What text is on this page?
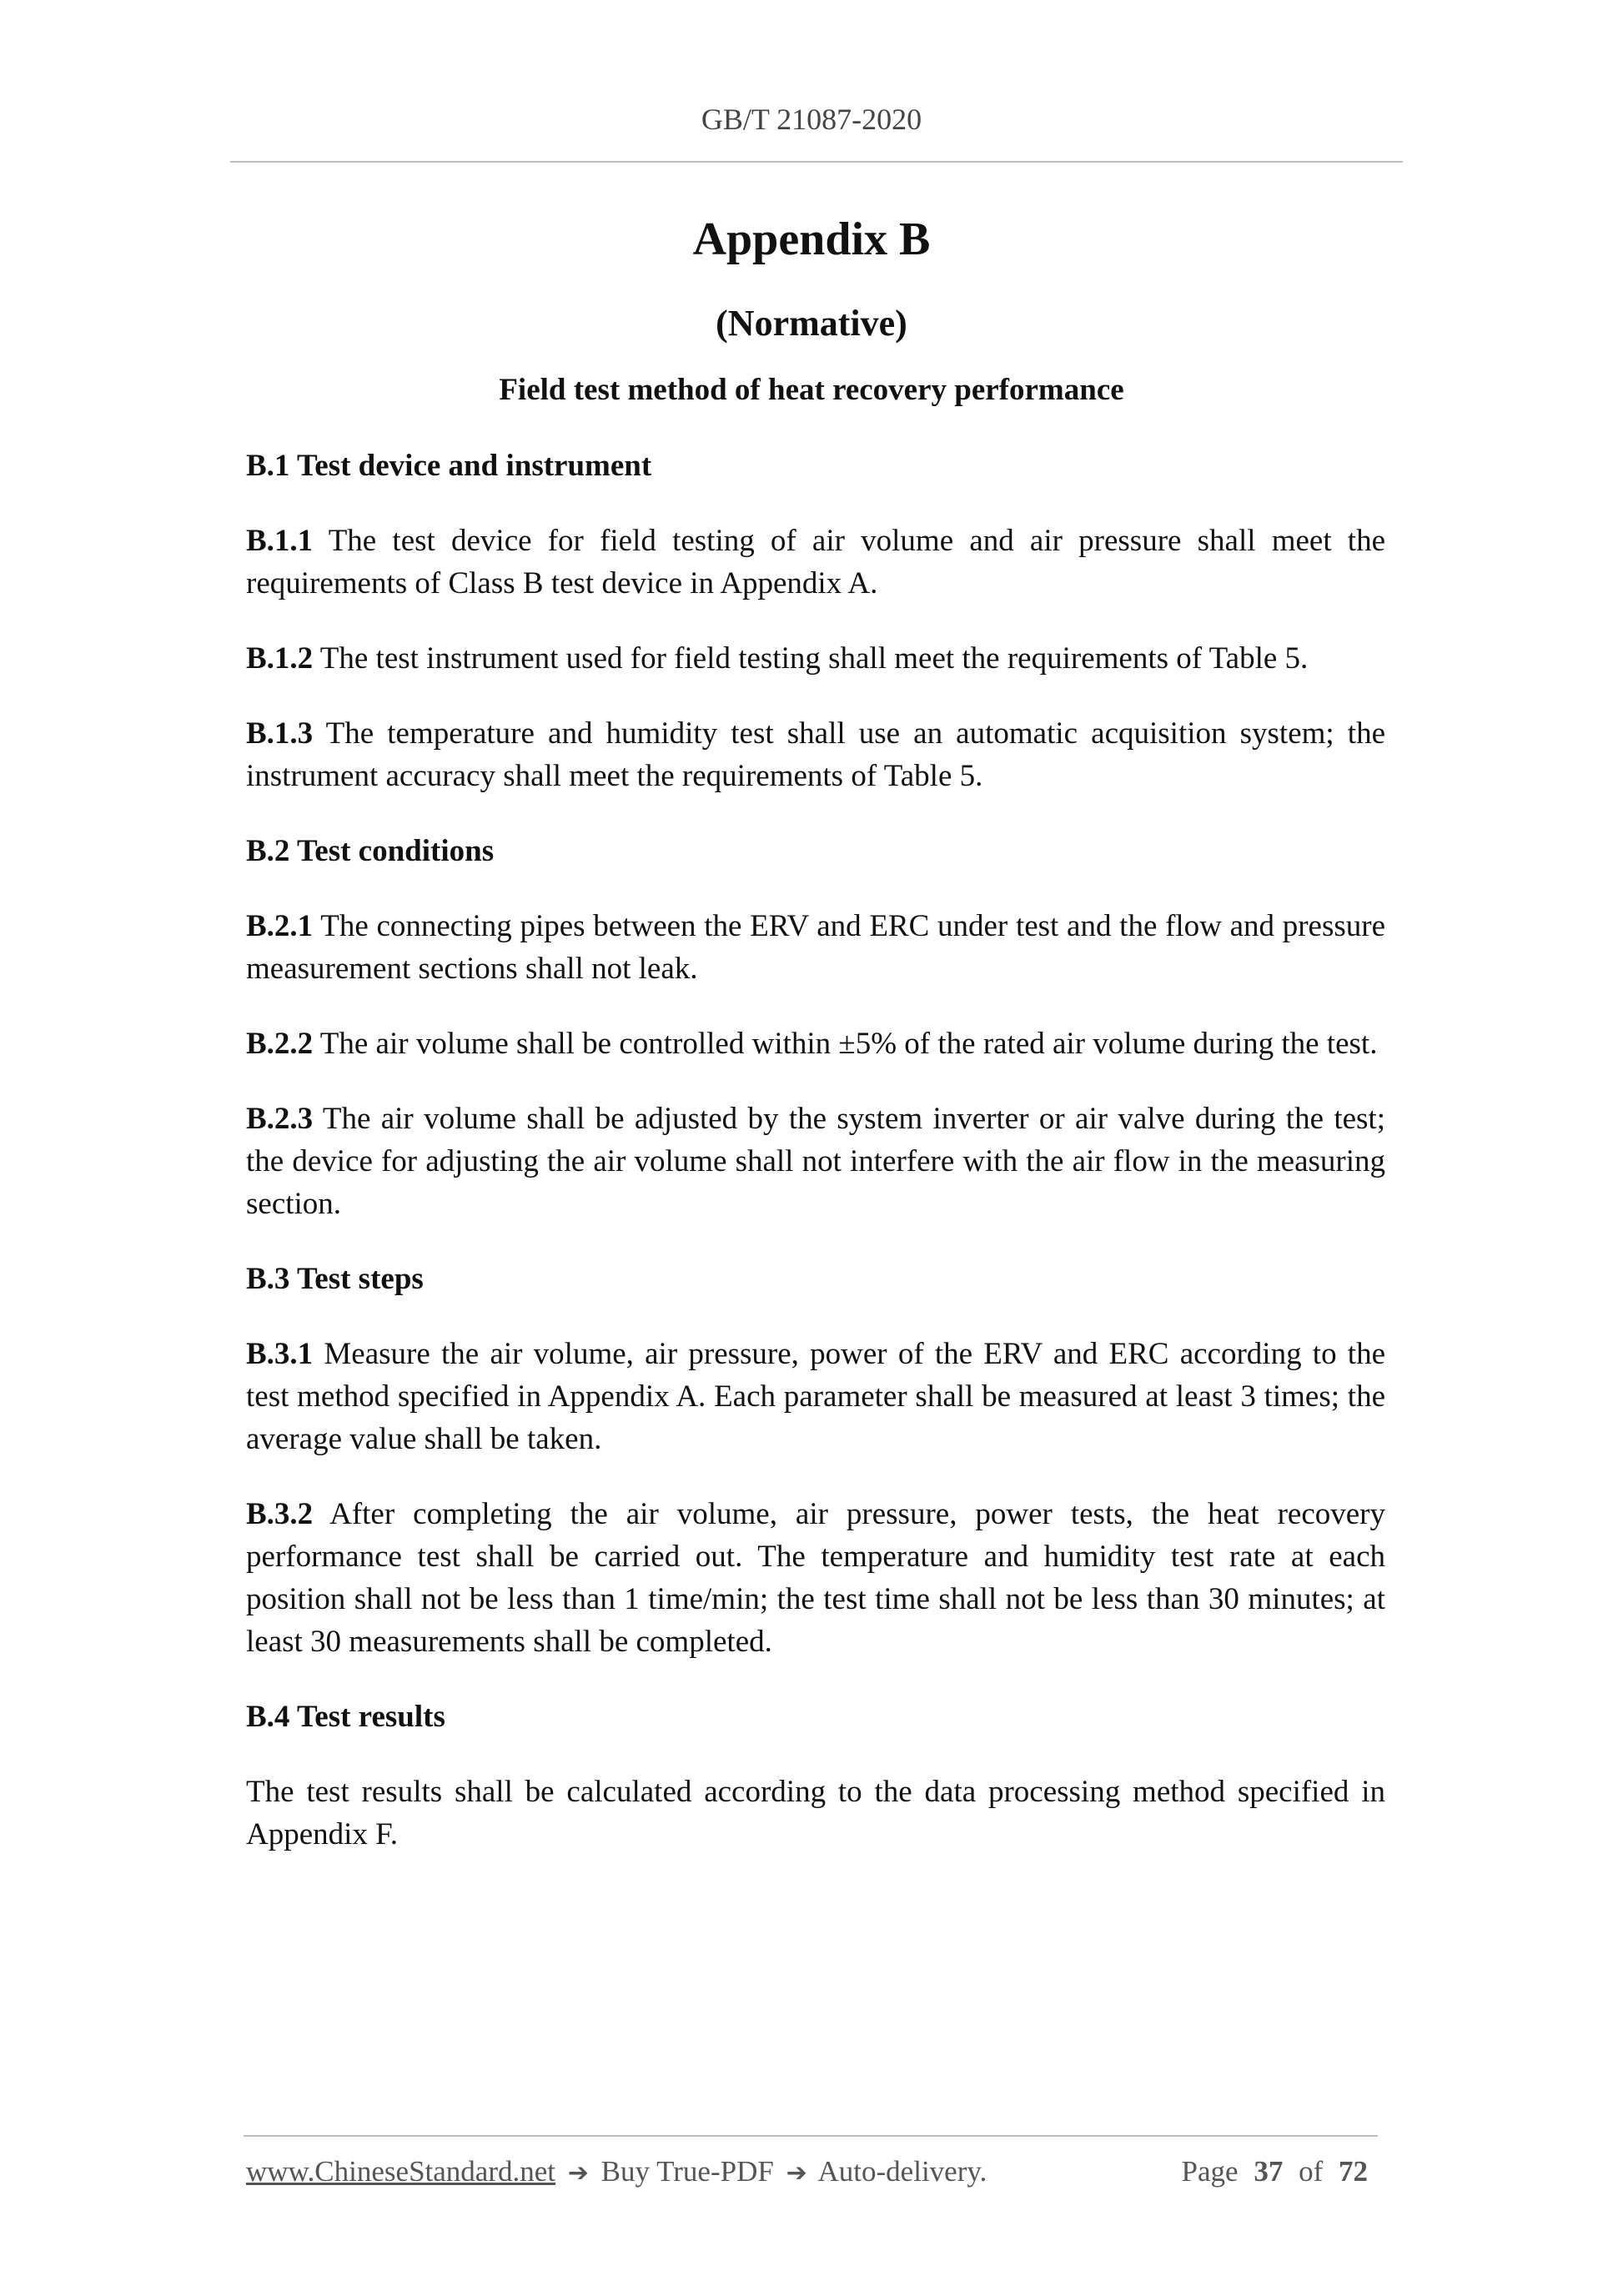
GB/T 21087-2020
Appendix B
(Normative)
Field test method of heat recovery performance
B.1 Test device and instrument

B.1.1 The test device for field testing of air volume and air pressure shall meet the requirements of Class B test device in Appendix A.

B.1.2 The test instrument used for field testing shall meet the requirements of Table 5.

B.1.3 The temperature and humidity test shall use an automatic acquisition system; the instrument accuracy shall meet the requirements of Table 5.

B.2 Test conditions

B.2.1 The connecting pipes between the ERV and ERC under test and the flow and pressure measurement sections shall not leak.

B.2.2 The air volume shall be controlled within ±5% of the rated air volume during the test.

B.2.3 The air volume shall be adjusted by the system inverter or air valve during the test; the device for adjusting the air volume shall not interfere with the air flow in the measuring section.

B.3 Test steps

B.3.1 Measure the air volume, air pressure, power of the ERV and ERC according to the test method specified in Appendix A. Each parameter shall be measured at least 3 times; the average value shall be taken.

B.3.2 After completing the air volume, air pressure, power tests, the heat recovery performance test shall be carried out. The temperature and humidity test rate at each position shall not be less than 1 time/min; the test time shall not be less than 30 minutes; at least 30 measurements shall be completed.

B.4 Test results

The test results shall be calculated according to the data processing method specified in Appendix F.

www.ChineseStandard.net ➔ Buy True-PDF ➔ Auto-delivery.	Page 37 of 72
